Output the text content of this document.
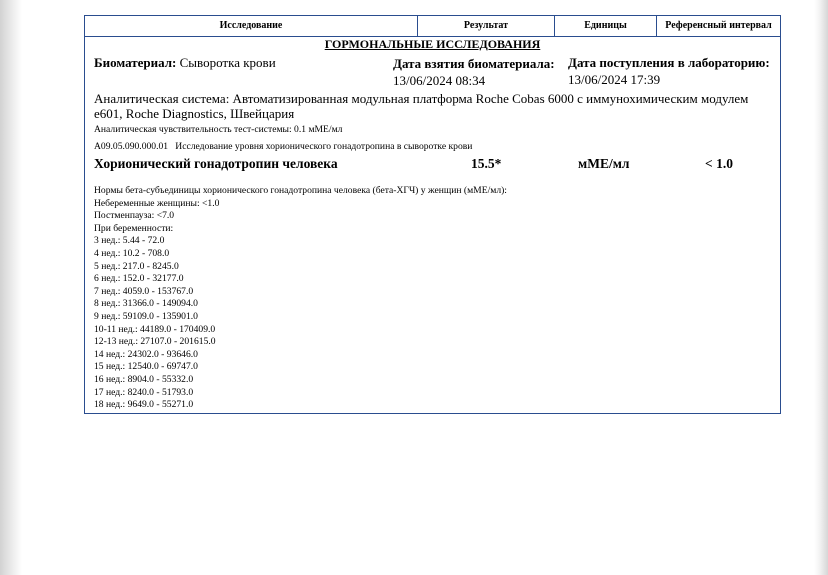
Исследование	Результат	Единицы	Референсный интервал
ГОРМОНАЛЬНЫЕ ИССЛЕДОВАНИЯ
Биоматериал: Сыворотка крови	Дата взятия биоматериала:
13/06/2024 08:34
Дата поступления в лабораторию:
13/06/2024 17:39
Аналитическая система: Автоматизированная модульная платформа Roche Cobas 6000 с иммунохимическим модулем
e601, Roche Diagnostics, Швейцария
Аналитическая чувствительность тест-системы: 0.1 мМЕ/мл
A09.05.090.000.01 Исследование уровня хорионического гонадотропина в сыворотке крови
Хорионический гонадотропин человека	15.5*	мМЕ/мл	< 1.0
Нормы бета-субъединицы хорионического гонадотропина человека (бета-ХГЧ) у женщин (мМЕ/мл):
Небеременные женщины: <1.0
Постменпауза: <7.0
При беременности:
3 нед.: 5.44 - 72.0
4 нед.: 10.2 - 708.0
5 нед.: 217.0 - 8245.0
6 нед.: 152.0 - 32177.0
7 нед.: 4059.0 - 153767.0
8 нед.: 31366.0 - 149094.0
9 нед.: 59109.0 - 135901.0
10-11 нед.: 44189.0 - 170409.0
12-13 нед.: 27107.0 - 201615.0
14 нед.: 24302.0 - 93646.0
15 нед.: 12540.0 - 69747.0
16 нед.: 8904.0 - 55332.0
17 нед.: 8240.0 - 51793.0
18 нед.: 9649.0 - 55271.0
